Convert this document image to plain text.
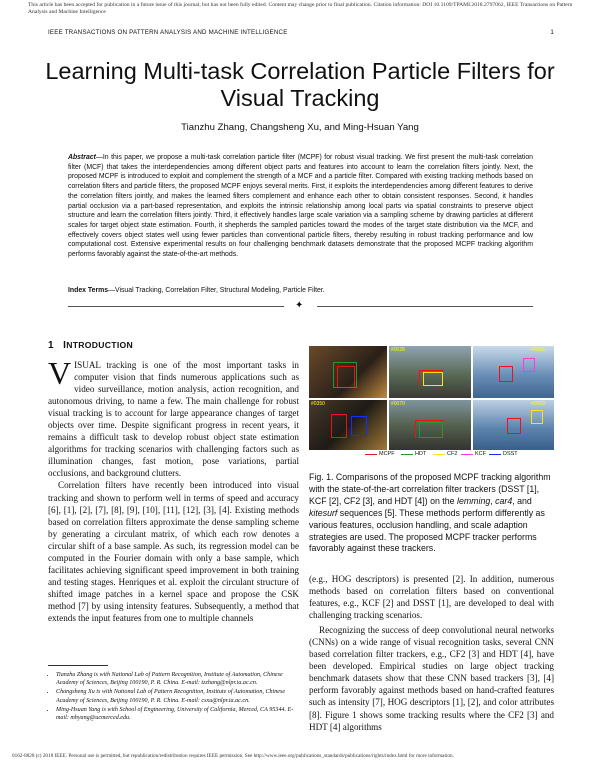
This article has been accepted for publication in a future issue of this journal, but has not been fully edited. Content may change prior to final publication. Citation information: DOI 10.1109/TPAMI.2018.2797062, IEEE Transactions on Pattern Analysis and Machine Intelligence
IEEE TRANSACTIONS ON PATTERN ANALYSIS AND MACHINE INTELLIGENCE	1
Learning Multi-task Correlation Particle Filters for Visual Tracking
Tianzhu Zhang, Changsheng Xu, and Ming-Hsuan Yang
Abstract—In this paper, we propose a multi-task correlation particle filter (MCPF) for robust visual tracking. We first present the multi-task correlation filter (MCF) that takes the interdependencies among different object parts and features into account to learn the correlation filters jointly. Next, the proposed MCPF is introduced to exploit and complement the strength of a MCF and a particle filter. Compared with existing tracking methods based on correlation filters and particle filters, the proposed MCPF enjoys several merits. First, it exploits the interdependencies among different features to derive the correlation filters jointly, and makes the learned filters complement and enhance each other to obtain consistent responses. Second, it handles partial occlusion via a part-based representation, and exploits the intrinsic relationship among local parts via spatial constraints to preserve object structure and learn the correlation filters jointly. Third, it effectively handles large scale variation via a sampling scheme by drawing particles at different scales for target object state estimation. Fourth, it shepherds the sampled particles toward the modes of the target state distribution via the MCF, and effectively covers object states well using fewer particles than conventional particle filters, thereby resulting in robust tracking performance and low computational cost. Extensive experimental results on four challenging benchmark datasets demonstrate that the proposed MCPF tracking algorithm performs favorably against the state-of-the-art methods.
Index Terms—Visual Tracking, Correlation Filter, Structural Modeling, Particle Filter.
✦
1 INTRODUCTION
VISUAL tracking is one of the most important tasks in computer vision that finds numerous applications such as video surveillance, motion analysis, action recognition, and autonomous driving, to name a few. The main challenge for robust visual tracking is to account for large appearance changes of target objects over time. Despite significant progress in recent years, it remains a difficult task to develop robust object state estimation algorithms for tracking scenarios with challenging factors such as illumination changes, fast motion, pose variations, partial occlusions, and background clutters.
Correlation filters have recently been introduced into visual tracking and shown to perform well in terms of speed and accuracy [6], [1], [2], [7], [8], [9], [10], [11], [12], [3], [4]. Existing methods based on correlation filters approximate the dense sampling scheme by generating a circulant matrix, of which each row denotes a circular shift of a base sample. As such, its regression model can be computed in the Fourier domain with only a base sample, which facilitates achieving significant speed improvement in both training and testing stages. Henriques et al. exploit the circulant structure of shifted image patches in a kernel space and propose the CSK method [7] by using intensity features. Subsequently, a method that extends the input features from one to multiple channels
• Tianzhu Zhang is with National Lab of Pattern Recognition, Institute of Automation, Chinese Academy of Sciences, Beijing 100190, P. R. China. E-mail: tzzhang@nlpr.ia.ac.cn.
• Changsheng Xu is with National Lab of Pattern Recognition, Institute of Automation, Chinese Academy of Sciences, Beijing 100190, P. R. China. E-mail: csxu@nlpr.ia.ac.cn.
• Ming-Hsuan Yang is with School of Engineering, University of California, Merced, CA 95344. E-mail: mhyang@ucmerced.edu.
#0028	#0006
#0350	#0070	#0009
MCPF	HDT	CF2	KCF	DSST
Fig. 1. Comparisons of the proposed MCPF tracking algorithm with the state-of-the-art correlation filter trackers (DSST [1], KCF [2], CF2 [3], and HDT [4]) on the lemming, car4, and kitesurf sequences [5]. These methods perform differently as various features, occlusion handling, and scale adaption strategies are used. The proposed MCPF tracker performs favorably against these trackers.
(e.g., HOG descriptors) is presented [2]. In addition, numerous methods based on correlation filters based on conventional features, e.g., KCF [2] and DSST [1], are developed to deal with challenging tracking scenarios.
Recognizing the success of deep convolutional neural networks (CNNs) on a wide range of visual recognition tasks, several CNN based correlation filter trackers, e.g., CF2 [3] and HDT [4], have been developed. Empirical studies on large object tracking benchmark datasets show that these CNN based trackers [3], [4] perform favorably against methods based on hand-crafted features such as intensity [7], HOG descriptors [1], [2], and color attributes [8]. Figure 1 shows some tracking results where the CF2 [3] and HDT [4] algorithms
0162-8828 (c) 2018 IEEE. Personal use is permitted, but republication/redistribution requires IEEE permission. See http://www.ieee.org/publications_standards/publications/rights/index.html for more information.
